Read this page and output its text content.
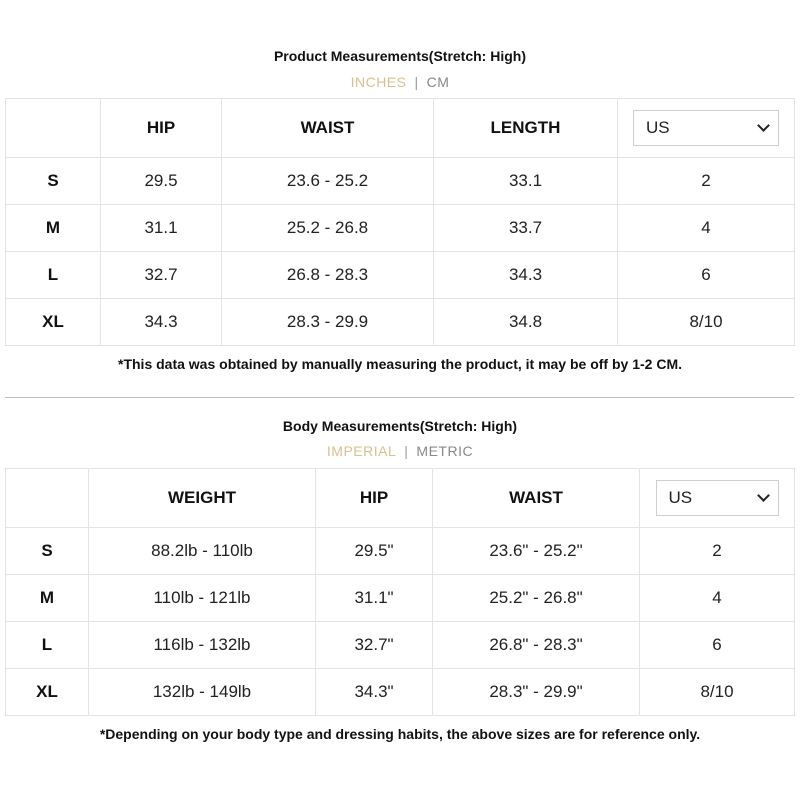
Product Measurements(Stretch: High)
INCHES | CM
	HIP	WAIST	LENGTH	US

S	29.5	23.6 - 25.2	33.1	2
M	31.1	25.2 - 26.8	33.7	4
L	32.7	26.8 - 28.3	34.3	6
XL	34.3	28.3 - 29.9	34.8	8/10
*This data was obtained by manually measuring the product, it may be off by 1-2 CM.
Body Measurements(Stretch: High)
IMPERIAL | METRIC
	WEIGHT	HIP	WAIST	US

S	88.2lb - 110lb	29.5"	23.6" - 25.2"	2
M	110lb - 121lb	31.1"	25.2" - 26.8"	4
L	116lb - 132lb	32.7"	26.8" - 28.3"	6
XL	132lb - 149lb	34.3"	28.3" - 29.9"	8/10
*Depending on your body type and dressing habits, the above sizes are for reference only.
